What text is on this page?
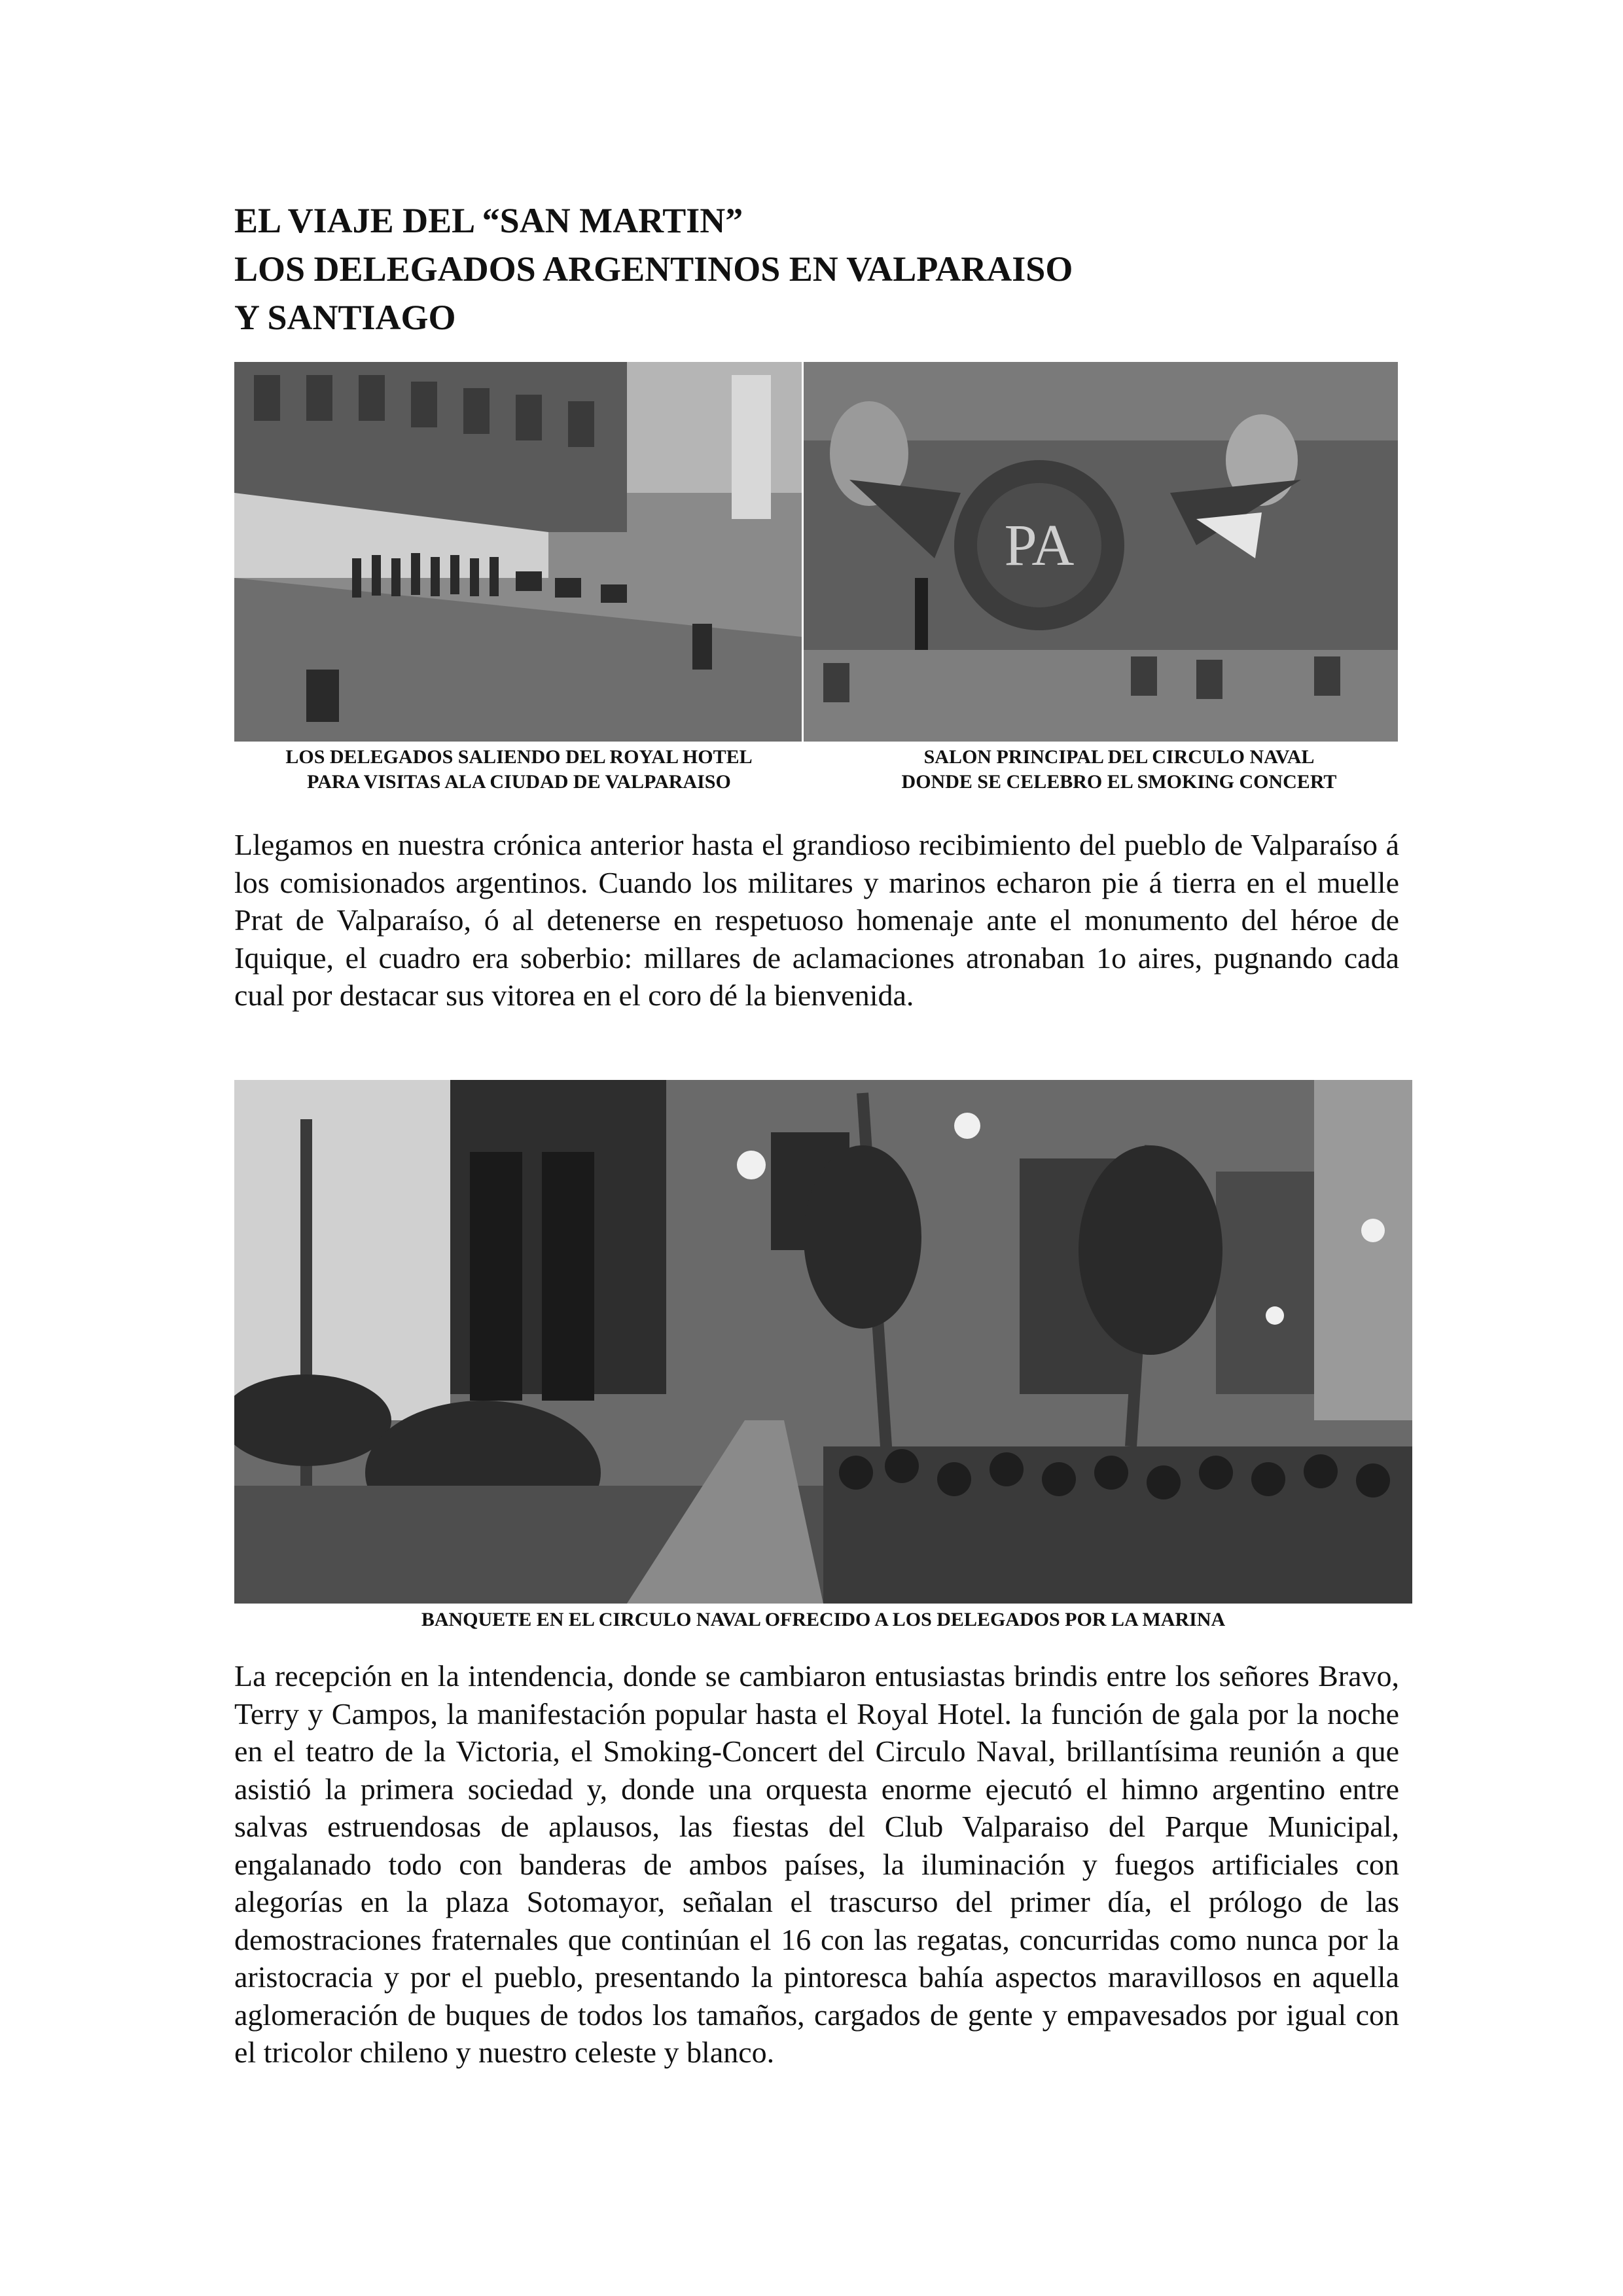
EL VIAJE DEL “SAN MARTIN”
LOS DELEGADOS ARGENTINOS EN VALPARAISO
Y SANTIAGO
PA
LOS DELEGADOS SALIENDO DEL ROYAL HOTEL
PARA VISITAS ALA CIUDAD DE VALPARAISO
SALON PRINCIPAL DEL CIRCULO NAVAL
DONDE SE CELEBRO EL SMOKING CONCERT

Llegamos en nuestra crónica anterior hasta el grandioso recibimiento del pueblo de Valparaíso á los comisionados argentinos. Cuando los militares y marinos echaron pie á tierra en el muelle Prat de Valparaíso, ó al detenerse en respetuoso homenaje ante el monumento del héroe de Iquique, el cuadro era soberbio: millares de aclamaciones atronaban 1o aires, pugnando cada cual por destacar sus vitorea en el coro dé la bienvenida.

BANQUETE EN EL CIRCULO NAVAL OFRECIDO A LOS DELEGADOS POR LA MARINA

La recepción en la intendencia, donde se cambiaron entusiastas brindis entre los señores Bravo, Terry y Campos, la manifestación popular hasta el Royal Hotel. la función de gala por la noche en el teatro de la Victoria, el Smoking-Concert del Circulo Naval, brillantísima reunión a que asistió la primera sociedad y, donde una orquesta enorme ejecutó el himno argentino entre salvas estruendosas de aplausos, las fiestas del Club Valparaiso del Parque Municipal, engalanado todo con banderas de ambos países, la iluminación y fuegos artificiales con alegorías en la plaza Sotomayor, señalan el trascurso del primer día, el prólogo de las demostraciones fraternales que continúan el 16 con las regatas, concurridas como nunca por la aristocracia y por el pueblo, presentando la pintoresca bahía aspectos maravillosos en aquella aglomeración de buques de todos los tamaños, cargados de gente y empavesados por igual con el tricolor chileno y nuestro celeste y blanco.
